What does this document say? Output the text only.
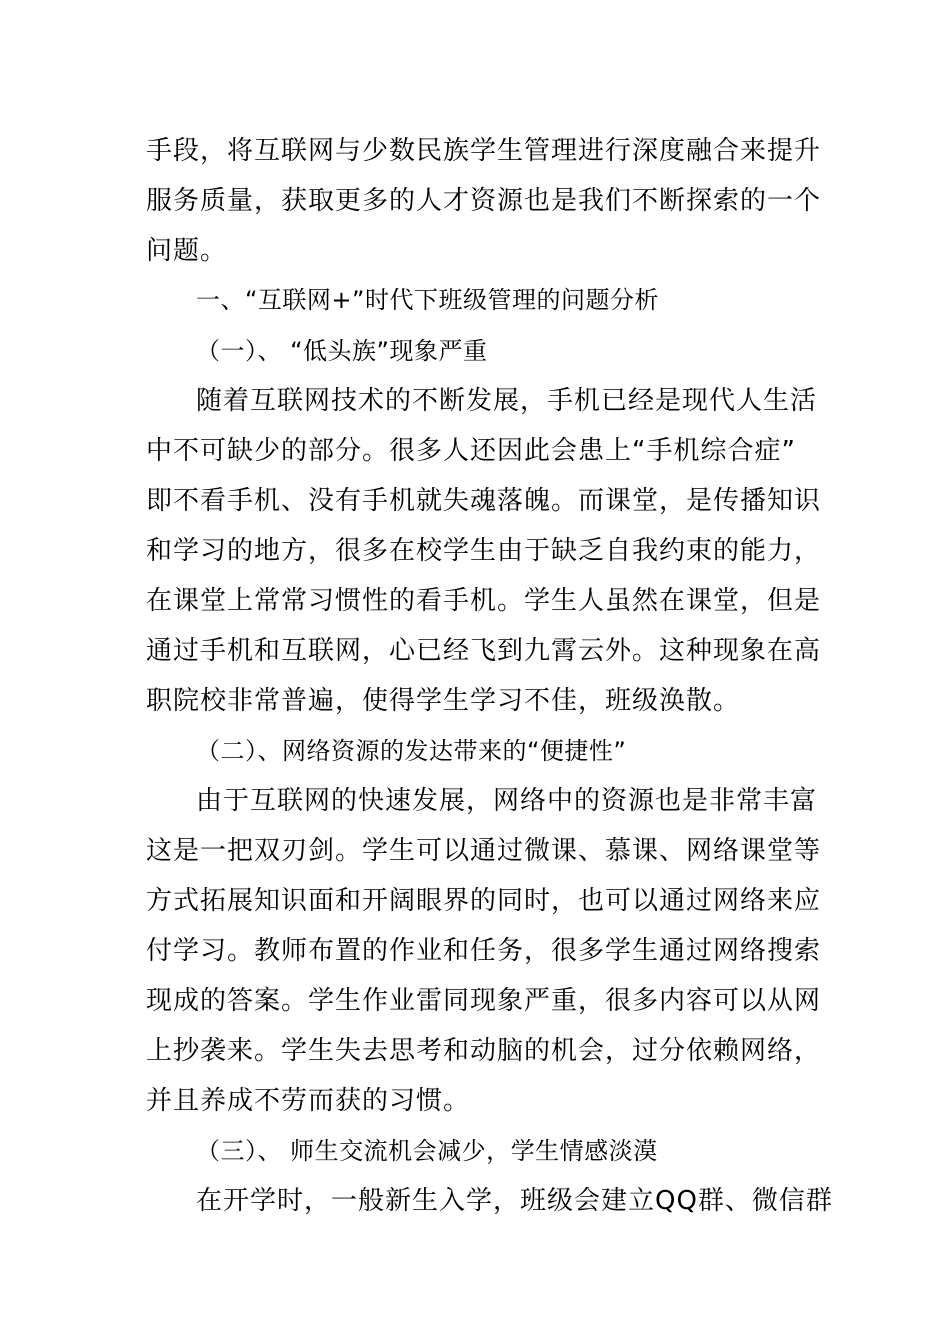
手段，将互联网与少数民族学生管理进行深度融合来提升
服务质量，获取更多的人才资源也是我们不断探索的一个
问题。
一、“互联网+”时代下班级管理的问题分析
（一）、 “低头族”现象严重
随着互联网技术的不断发展，手机已经是现代人生活
中不可缺少的部分。很多人还因此会患上“手机综合症”
即不看手机、没有手机就失魂落魄。而课堂，是传播知识
和学习的地方，很多在校学生由于缺乏自我约束的能力，
在课堂上常常习惯性的看手机。学生人虽然在课堂，但是
通过手机和互联网，心已经飞到九霄云外。这种现象在高
职院校非常普遍，使得学生学习不佳，班级涣散。
（二）、网络资源的发达带来的“便捷性”
由于互联网的快速发展，网络中的资源也是非常丰富
这是一把双刃剑。学生可以通过微课、慕课、网络课堂等
方式拓展知识面和开阔眼界的同时，也可以通过网络来应
付学习。教师布置的作业和任务，很多学生通过网络搜索
现成的答案。学生作业雷同现象严重，很多内容可以从网
上抄袭来。学生失去思考和动脑的机会，过分依赖网络，
并且养成不劳而获的习惯。
（三）、 师生交流机会减少，学生情感淡漠
在开学时，一般新生入学，班级会建立QQ群、微信群
